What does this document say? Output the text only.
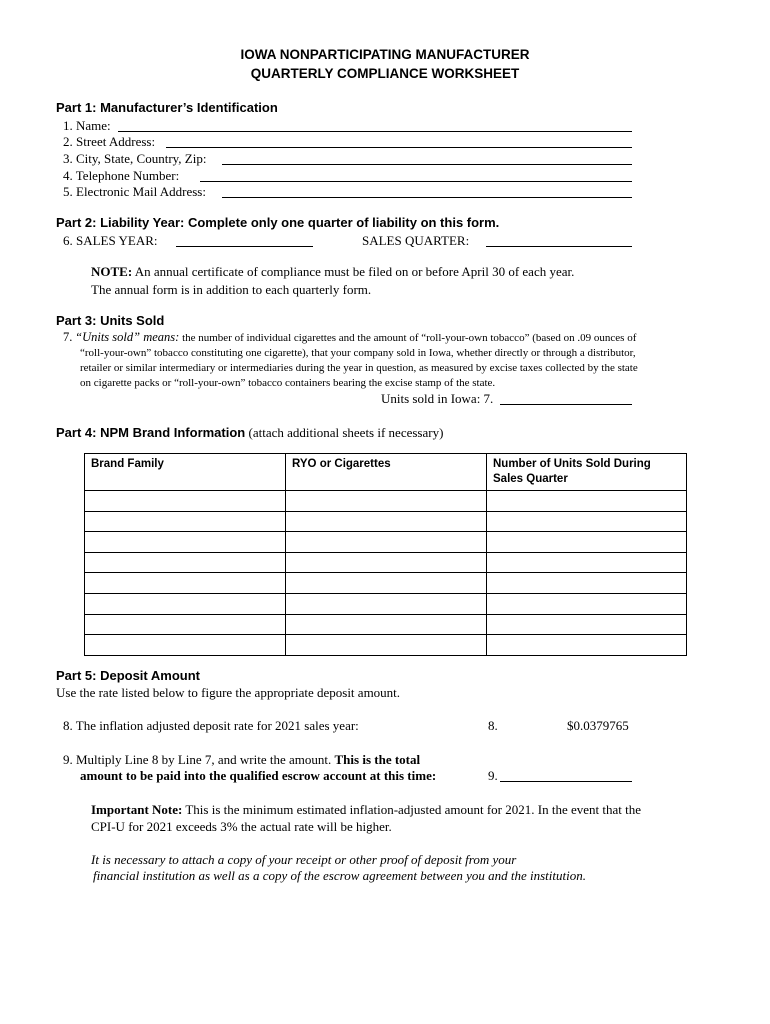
IOWA NONPARTICIPATING MANUFACTURER
QUARTERLY COMPLIANCE WORKSHEET
Part 1: Manufacturer’s Identification
1. Name:
2. Street Address:
3. City, State, Country, Zip:
4. Telephone Number:
5. Electronic Mail Address:
Part 2: Liability Year: Complete only one quarter of liability on this form.
6. SALES YEAR:	SALES QUARTER:
NOTE: An annual certificate of compliance must be filed on or before April 30 of each year.
The annual form is in addition to each quarterly form.
Part 3: Units Sold
7. “Units sold” means: the number of individual cigarettes and the amount of “roll-your-own tobacco” (based on .09 ounces of
“roll-your-own” tobacco constituting one cigarette), that your company sold in Iowa, whether directly or through a distributor,
retailer or similar intermediary or intermediaries during the year in question, as measured by excise taxes collected by the state
on cigarette packs or “roll-your-own” tobacco containers bearing the excise stamp of the state.
Units sold in Iowa: 7.
Part 4: NPM Brand Information (attach additional sheets if necessary)
Brand Family	RYO or Cigarettes	Number of Units Sold During Sales Quarter

Part 5: Deposit Amount
Use the rate listed below to figure the appropriate deposit amount.
8. The inflation adjusted deposit rate for 2021 sales year:	8.	$0.0379765
9. Multiply Line 8 by Line 7, and write the amount. This is the total
amount to be paid into the qualified escrow account at this time:	9.
Important Note: This is the minimum estimated inflation-adjusted amount for 2021. In the event that the
CPI-U for 2021 exceeds 3% the actual rate will be higher.
It is necessary to attach a copy of your receipt or other proof of deposit from your
financial institution as well as a copy of the escrow agreement between you and the institution.
